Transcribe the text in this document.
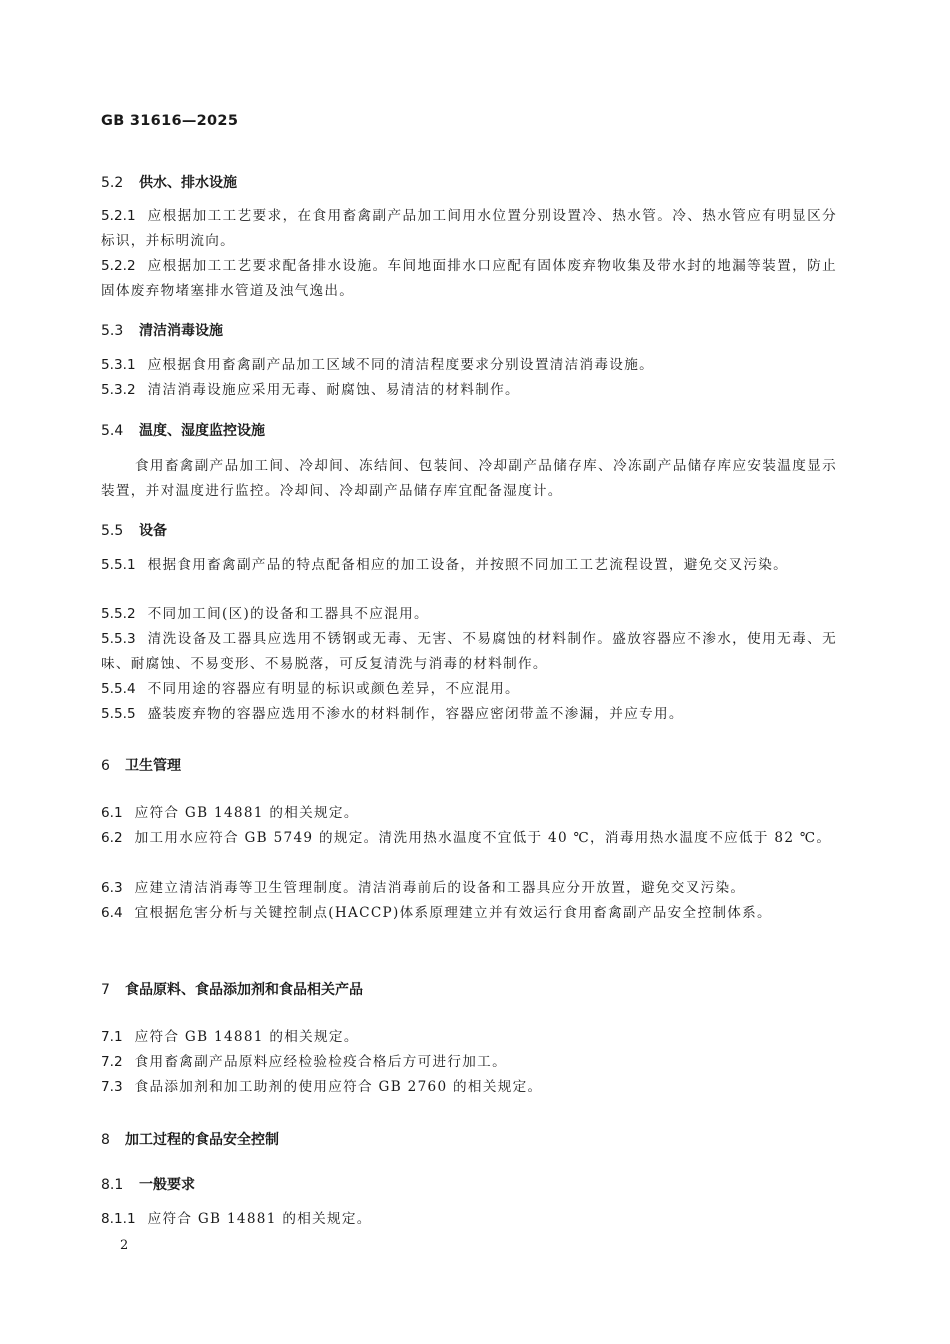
GB 31616—2025
5.2 供水、排水设施
5.2.1 应根据加工工艺要求，在食用畜禽副产品加工间用水位置分别设置冷、热水管。冷、热水管应有明显区分标识，并标明流向。
5.2.2 应根据加工工艺要求配备排水设施。车间地面排水口应配有固体废弃物收集及带水封的地漏等装置，防止固体废弃物堵塞排水管道及浊气逸出。
5.3 清洁消毒设施
5.3.1 应根据食用畜禽副产品加工区域不同的清洁程度要求分别设置清洁消毒设施。
5.3.2 清洁消毒设施应采用无毒、耐腐蚀、易清洁的材料制作。
5.4 温度、湿度监控设施
食用畜禽副产品加工间、冷却间、冻结间、包装间、冷却副产品储存库、冷冻副产品储存库应安装温度显示装置，并对温度进行监控。冷却间、冷却副产品储存库宜配备湿度计。
5.5 设备
5.5.1 根据食用畜禽副产品的特点配备相应的加工设备，并按照不同加工工艺流程设置，避免交叉污染。
5.5.2 不同加工间(区)的设备和工器具不应混用。
5.5.3 清洗设备及工器具应选用不锈钢或无毒、无害、不易腐蚀的材料制作。盛放容器应不渗水，使用无毒、无味、耐腐蚀、不易变形、不易脱落，可反复清洗与消毒的材料制作。
5.5.4 不同用途的容器应有明显的标识或颜色差异，不应混用。
5.5.5 盛装废弃物的容器应选用不渗水的材料制作，容器应密闭带盖不渗漏，并应专用。
6 卫生管理
6.1 应符合 GB 14881 的相关规定。
6.2 加工用水应符合 GB 5749 的规定。清洗用热水温度不宜低于 40 ℃，消毒用热水温度不应低于 82 ℃。
6.3 应建立清洁消毒等卫生管理制度。清洁消毒前后的设备和工器具应分开放置，避免交叉污染。
6.4 宜根据危害分析与关键控制点(HACCP)体系原理建立并有效运行食用畜禽副产品安全控制体系。
7 食品原料、食品添加剂和食品相关产品
7.1 应符合 GB 14881 的相关规定。
7.2 食用畜禽副产品原料应经检验检疫合格后方可进行加工。
7.3 食品添加剂和加工助剂的使用应符合 GB 2760 的相关规定。
8 加工过程的食品安全控制
8.1 一般要求
8.1.1 应符合 GB 14881 的相关规定。
2
